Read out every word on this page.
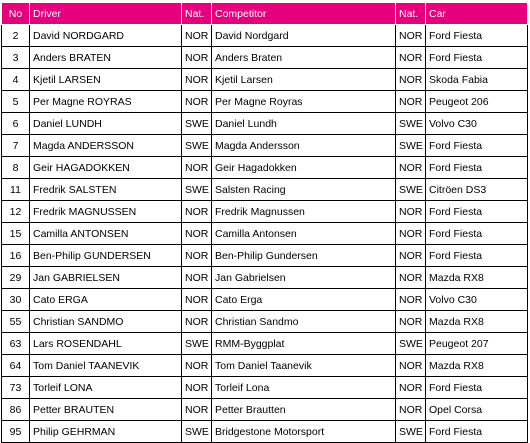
No	Driver	Nat.	Competitor	Nat.	Car
2	David NORDGARD	NOR	David Nordgard	NOR	Ford Fiesta
3	Anders BRATEN	NOR	Anders Braten	NOR	Ford Fiesta
4	Kjetil LARSEN	NOR	Kjetil Larsen	NOR	Skoda Fabia
5	Per Magne ROYRAS	NOR	Per Magne Royras	NOR	Peugeot 206
6	Daniel LUNDH	SWE	Daniel Lundh	SWE	Volvo C30
7	Magda ANDERSSON	SWE	Magda Andersson	SWE	Ford Fiesta
8	Geir HAGADOKKEN	NOR	Geir Hagadokken	NOR	Ford Fiesta
11	Fredrik SALSTEN	SWE	Salsten Racing	SWE	Citröen DS3
12	Fredrik MAGNUSSEN	NOR	Fredrik Magnussen	NOR	Ford Fiesta
15	Camilla ANTONSEN	NOR	Camilla Antonsen	NOR	Ford Fiesta
16	Ben-Philip GUNDERSEN	NOR	Ben-Philip Gundersen	NOR	Ford Fiesta
29	Jan GABRIELSEN	NOR	Jan Gabrielsen	NOR	Mazda RX8
30	Cato ERGA	NOR	Cato Erga	NOR	Volvo C30
55	Christian SANDMO	NOR	Christian Sandmo	NOR	Mazda RX8
63	Lars ROSENDAHL	SWE	RMM-Byggplat	SWE	Peugeot 207
64	Tom Daniel TAANEVIK	NOR	Tom Daniel Taanevik	NOR	Mazda RX8
73	Torleif LONA	NOR	Torleif Lona	NOR	Ford Fiesta
86	Petter BRAUTEN	NOR	Petter Brautten	NOR	Opel Corsa
95	Philip GEHRMAN	SWE	Bridgestone Motorsport	SWE	Ford Fiesta
